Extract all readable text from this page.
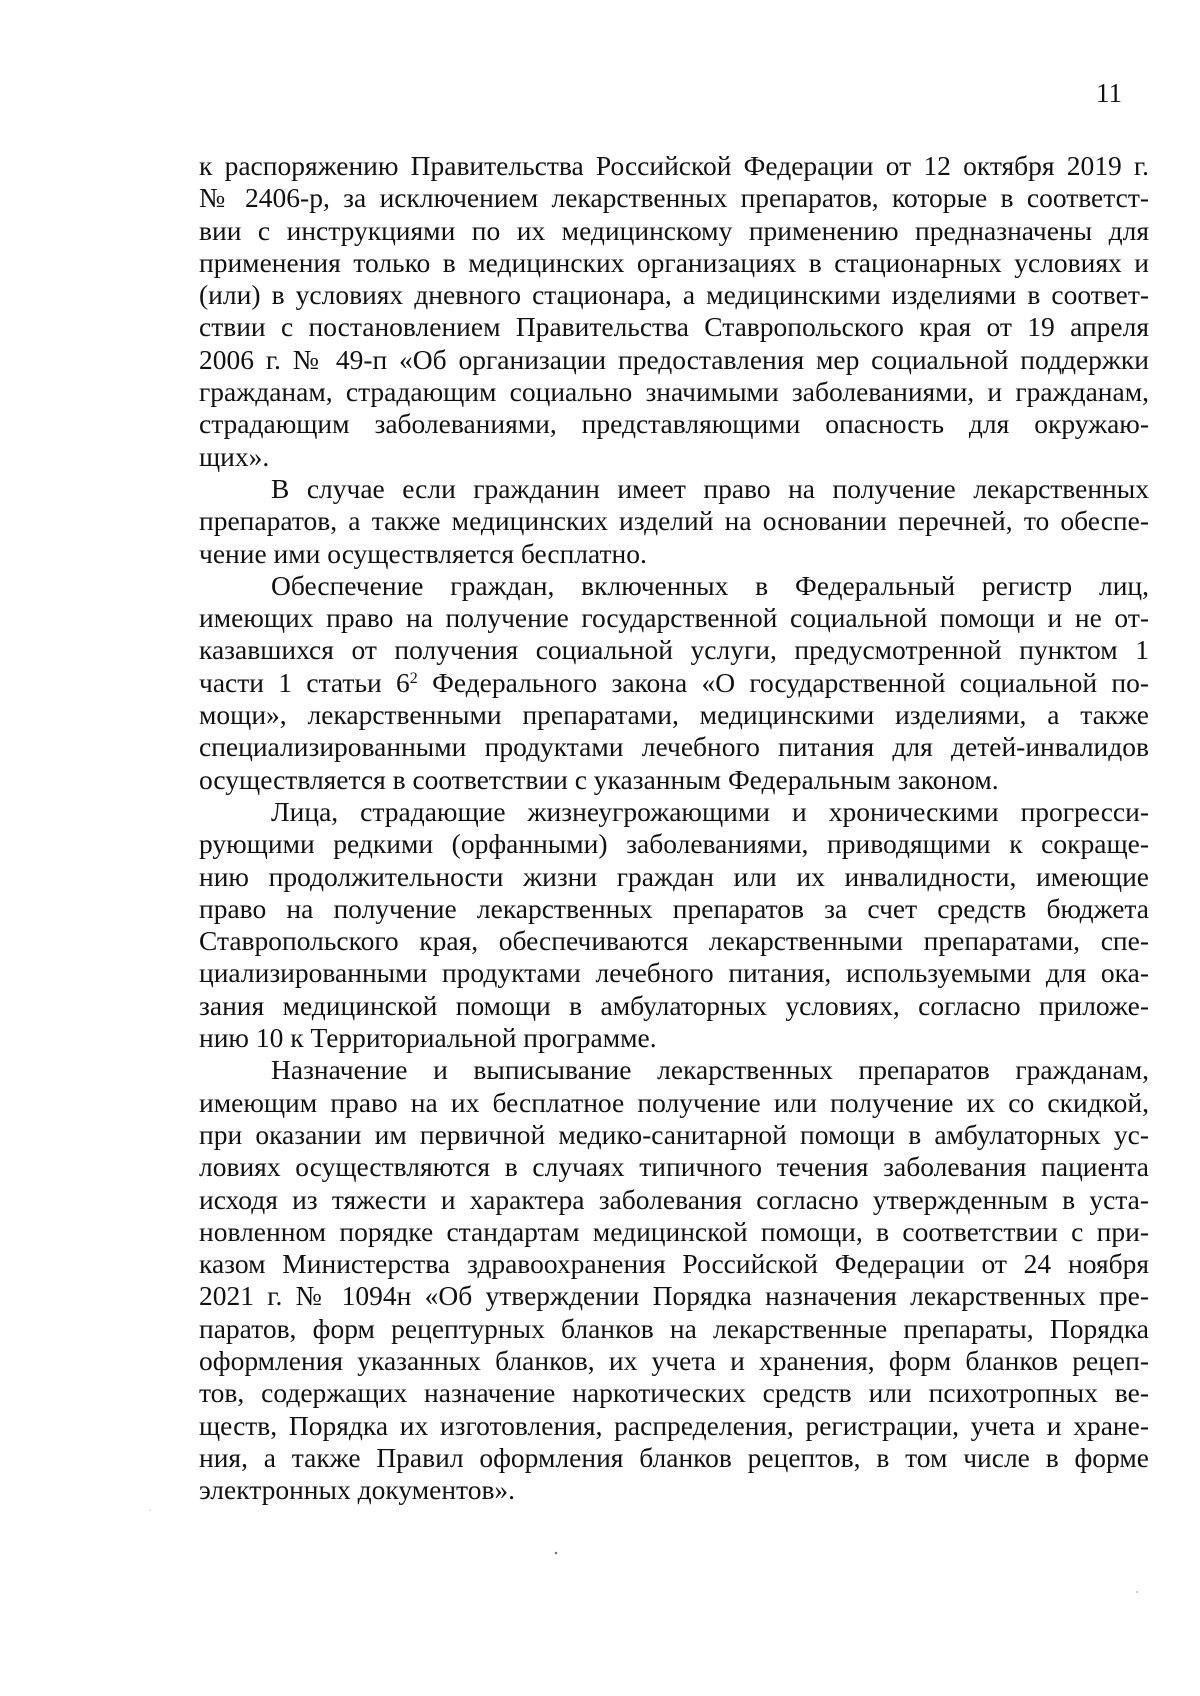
11
к распоряжению Правительства Российской Федерации от 12 октября 2019 г.
№ 2406-р, за исключением лекарственных препаратов, которые в соответст-
вии с инструкциями по их медицинскому применению предназначены для
применения только в медицинских организациях в стационарных условиях и
(или) в условиях дневного стационара, а медицинскими изделиями в соответ-
ствии с постановлением Правительства Ставропольского края от 19 апреля
2006 г. № 49-п «Об организации предоставления мер социальной поддержки
гражданам, страдающим социально значимыми заболеваниями, и гражданам,
страдающим заболеваниями, представляющими опасность для окружаю-
щих».
В случае если гражданин имеет право на получение лекарственных
препаратов, а также медицинских изделий на основании перечней, то обеспе-
чение ими осуществляется бесплатно.
Обеспечение граждан, включенных в Федеральный регистр лиц,
имеющих право на получение государственной социальной помощи и не от-
казавшихся от получения социальной услуги, предусмотренной пунктом 1
части 1 статьи $6^2$ Федерального закона «О государственной социальной по-
мощи», лекарственными препаратами, медицинскими изделиями, а также
специализированными продуктами лечебного питания для детей-инвалидов
осуществляется в соответствии с указанным Федеральным законом.
Лица, страдающие жизнеугрожающими и хроническими прогресси-
рующими редкими (орфанными) заболеваниями, приводящими к сокраще-
нию продолжительности жизни граждан или их инвалидности, имеющие
право на получение лекарственных препаратов за счет средств бюджета
Ставропольского края, обеспечиваются лекарственными препаратами, спе-
циализированными продуктами лечебного питания, используемыми для ока-
зания медицинской помощи в амбулаторных условиях, согласно приложе-
нию 10 к Территориальной программе.
Назначение и выписывание лекарственных препаратов гражданам,
имеющим право на их бесплатное получение или получение их со скидкой,
при оказании им первичной медико-санитарной помощи в амбулаторных ус-
ловиях осуществляются в случаях типичного течения заболевания пациента
исходя из тяжести и характера заболевания согласно утвержденным в уста-
новленном порядке стандартам медицинской помощи, в соответствии с при-
казом Министерства здравоохранения Российской Федерации от 24 ноября
2021 г. № 1094н «Об утверждении Порядка назначения лекарственных пре-
паратов, форм рецептурных бланков на лекарственные препараты, Порядка
оформления указанных бланков, их учета и хранения, форм бланков рецеп-
тов, содержащих назначение наркотических средств или психотропных ве-
ществ, Порядка их изготовления, распределения, регистрации, учета и хране-
ния, а также Правил оформления бланков рецептов, в том числе в форме
электронных документов».
